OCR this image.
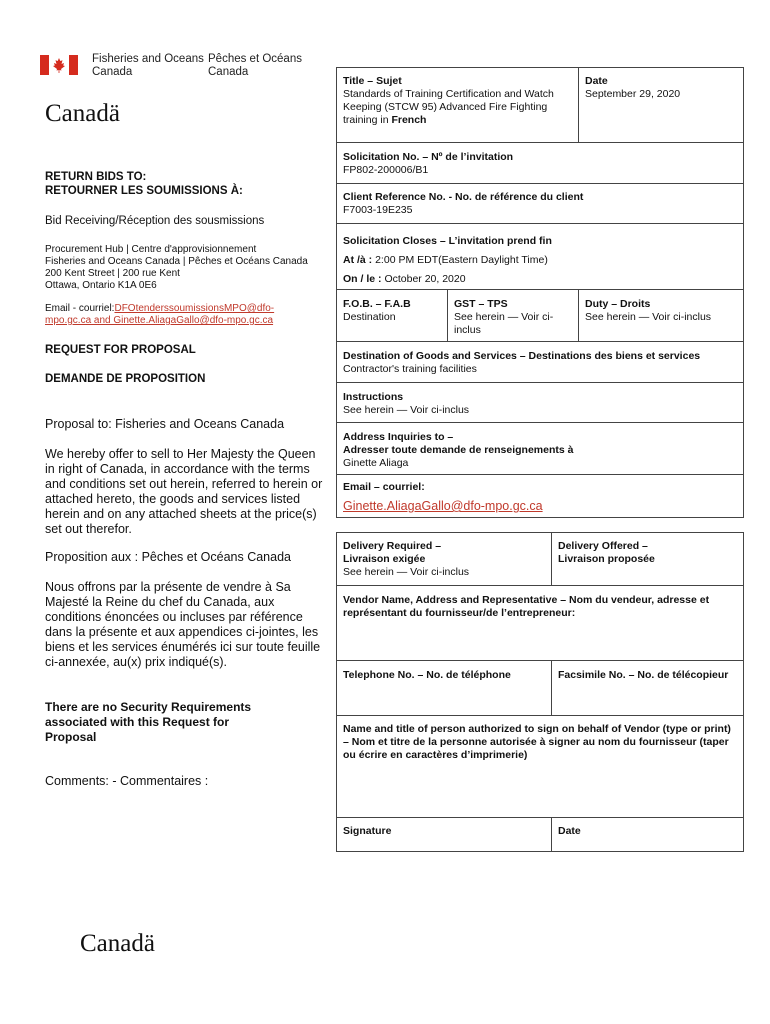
Fisheries and Oceans
Canada
Pêches et Océans
Canada
Canadä
RETURN BIDS TO:
RETOURNER LES SOUMISSIONS À:
Bid Receiving/Réception des sousmissions
Procurement Hub | Centre d'approvisionnement
Fisheries and Oceans Canada | Pêches et Océans Canada
200 Kent Street | 200 rue Kent
Ottawa, Ontario K1A 0E6
Email - courriel:DFOtenderssoumissionsMPO@dfo-
mpo.gc.ca and Ginette.AliagaGallo@dfo-mpo.gc.ca
REQUEST FOR PROPOSAL
DEMANDE DE PROPOSITION
Proposal to: Fisheries and Oceans Canada
We hereby offer to sell to Her Majesty the Queen in right of Canada, in accordance with the terms and conditions set out herein, referred to herein or attached hereto, the goods and services listed herein and on any attached sheets at the price(s) set out therefor.
Proposition aux : Pêches et Océans Canada
Nous offrons par la présente de vendre à Sa Majesté la Reine du chef du Canada, aux conditions énoncées ou incluses par référence dans la présente et aux appendices ci-jointes, les biens et les services énumérés ici sur toute feuille ci-annexée, au(x) prix indiqué(s).
There are no Security Requirements associated with this Request for Proposal
Comments: - Commentaires :
Title – Sujet
Standards of Training Certification and Watch Keeping (STCW 95) Advanced Fire Fighting training in French
Date
September 29, 2020
Solicitation No. – Nº de l’invitation
FP802-200006/B1
Client Reference No. - No. de référence du client
F7003-19E235
Solicitation Closes – L’invitation prend fin
At /à : 2:00 PM EDT(Eastern Daylight Time)
On / le : October 20, 2020
F.O.B. – F.A.B
Destination
GST – TPS
See herein — Voir ci-inclus
Duty – Droits
See herein — Voir ci-inclus
Destination of Goods and Services – Destinations des biens et services
Contractor's training facilities
Instructions
See herein — Voir ci-inclus
Address Inquiries to –
Adresser toute demande de renseignements à
Ginette Aliaga
Email – courriel:
Ginette.AliagaGallo@dfo-mpo.gc.ca
Delivery Required –
Livraison exigée
See herein — Voir ci-inclus
Delivery Offered –
Livraison proposée
Vendor Name, Address and Representative – Nom du vendeur, adresse et représentant du fournisseur/de l’entrepreneur:
Telephone No. – No. de téléphone	Facsimile No. – No. de télécopieur
Name and title of person authorized to sign on behalf of Vendor (type or print) – Nom et titre de la personne autorisée à signer au nom du fournisseur (taper ou écrire en caractères d’imprimerie)
Signature	Date
Canadä
